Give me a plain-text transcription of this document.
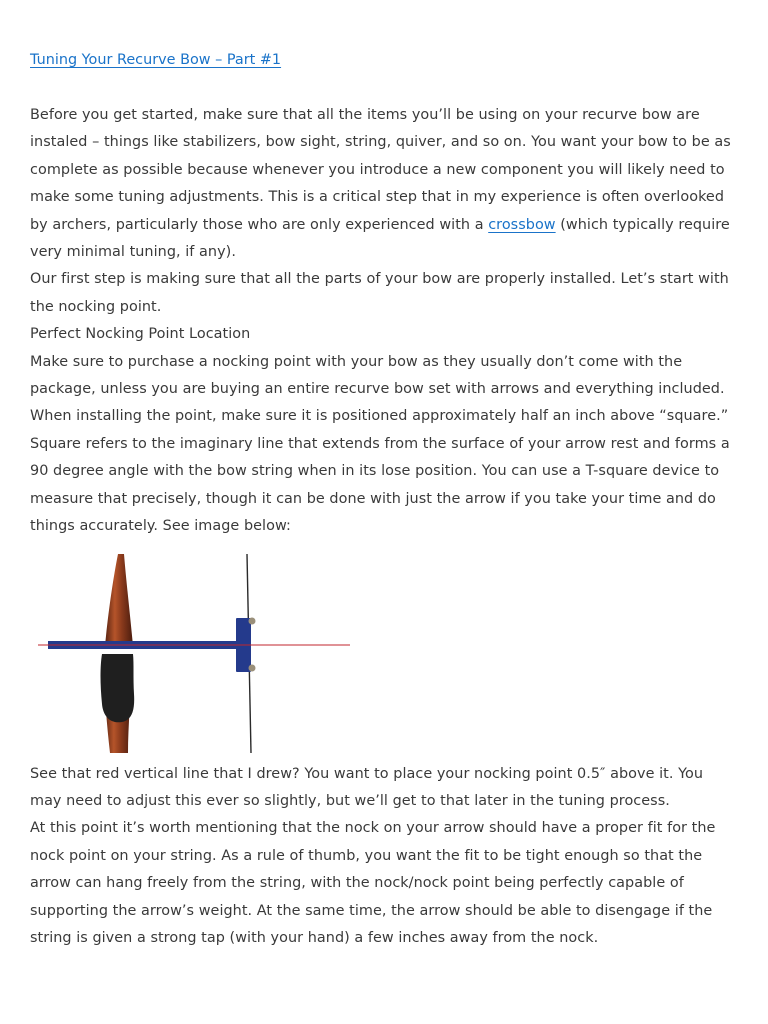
Tuning Your Recurve Bow – Part #1

Before you get started, make sure that all the items you’ll be using on your recurve bow are instaled – things like stabilizers, bow sight, string, quiver, and so on. You want your bow to be as complete as possible because whenever you introduce a new component you will likely need to make some tuning adjustments. This is a critical step that in my experience is often overlooked by archers, particularly those who are only experienced with a crossbow (which typically require very minimal tuning, if any).

Our first step is making sure that all the parts of your bow are properly installed. Let’s start with the nocking point.

Perfect Nocking Point Location

Make sure to purchase a nocking point with your bow as they usually don’t come with the package, unless you are buying an entire recurve bow set with arrows and everything included. When installing the point, make sure it is positioned approximately half an inch above “square.” Square refers to the imaginary line that extends from the surface of your arrow rest and forms a 90 degree angle with the bow string when in its lose position. You can use a T-square device to measure that precisely, though it can be done with just the arrow if you take your time and do things accurately. See image below:

See that red vertical line that I drew? You want to place your nocking point 0.5″ above it. You may need to adjust this ever so slightly, but we’ll get to that later in the tuning process.

At this point it’s worth mentioning that the nock on your arrow should have a proper fit for the nock point on your string. As a rule of thumb, you want the fit to be tight enough so that the arrow can hang freely from the string, with the nock/nock point being perfectly capable of supporting the arrow’s weight. At the same time, the arrow should be able to disengage if the string is given a strong tap (with your hand) a few inches away from the nock.
